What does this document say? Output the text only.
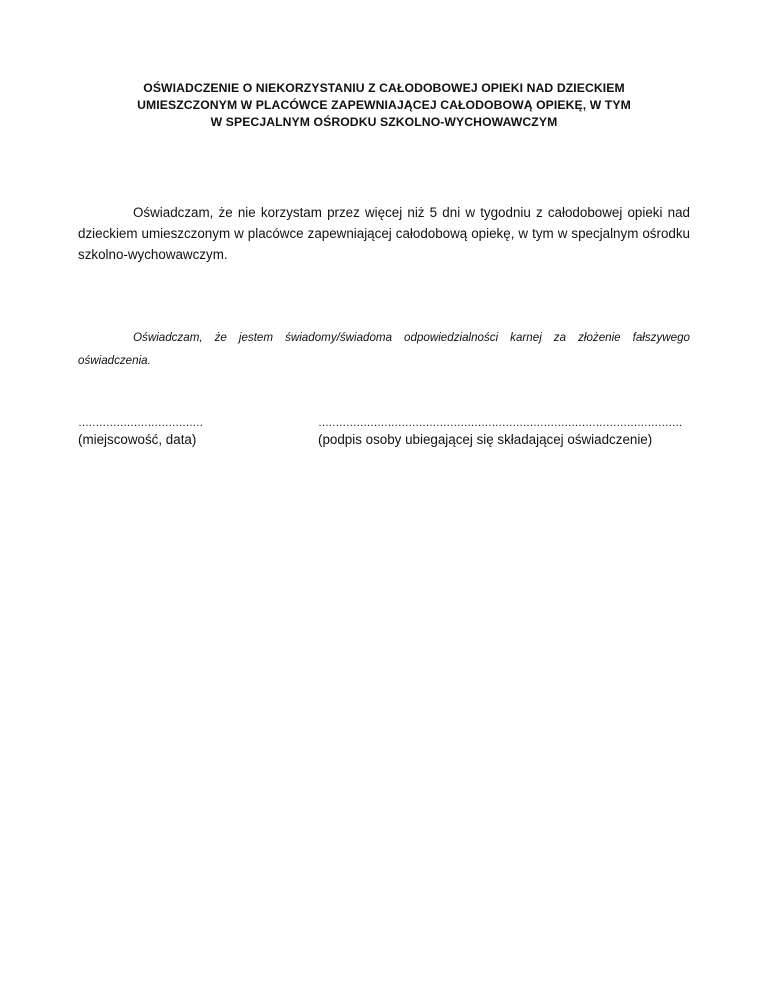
OŚWIADCZENIE O NIEKORZYSTANIU Z CAŁODOBOWEJ OPIEKI NAD DZIECKIEM
UMIESZCZONYM W PLACÓWCE ZAPEWNIAJĄCEJ CAŁODOBOWĄ OPIEKĘ, W TYM
W SPECJALNYM OŚRODKU SZKOLNO-WYCHOWAWCZYM

Oświadczam, że nie korzystam przez więcej niż 5 dni w tygodniu z całodobowej opieki nad dzieckiem umieszczonym w placówce zapewniającej całodobową opiekę, w tym w specjalnym ośrodku szkolno-wychowawczym.

Oświadczam, że jestem świadomy/świadoma odpowiedzialności karnej za złożenie fałszywego oświadczenia.

………………………………
(miejscowość, data)
……………………………………………………………………………………………
(podpis osoby ubiegającej się składającej oświadczenie)
